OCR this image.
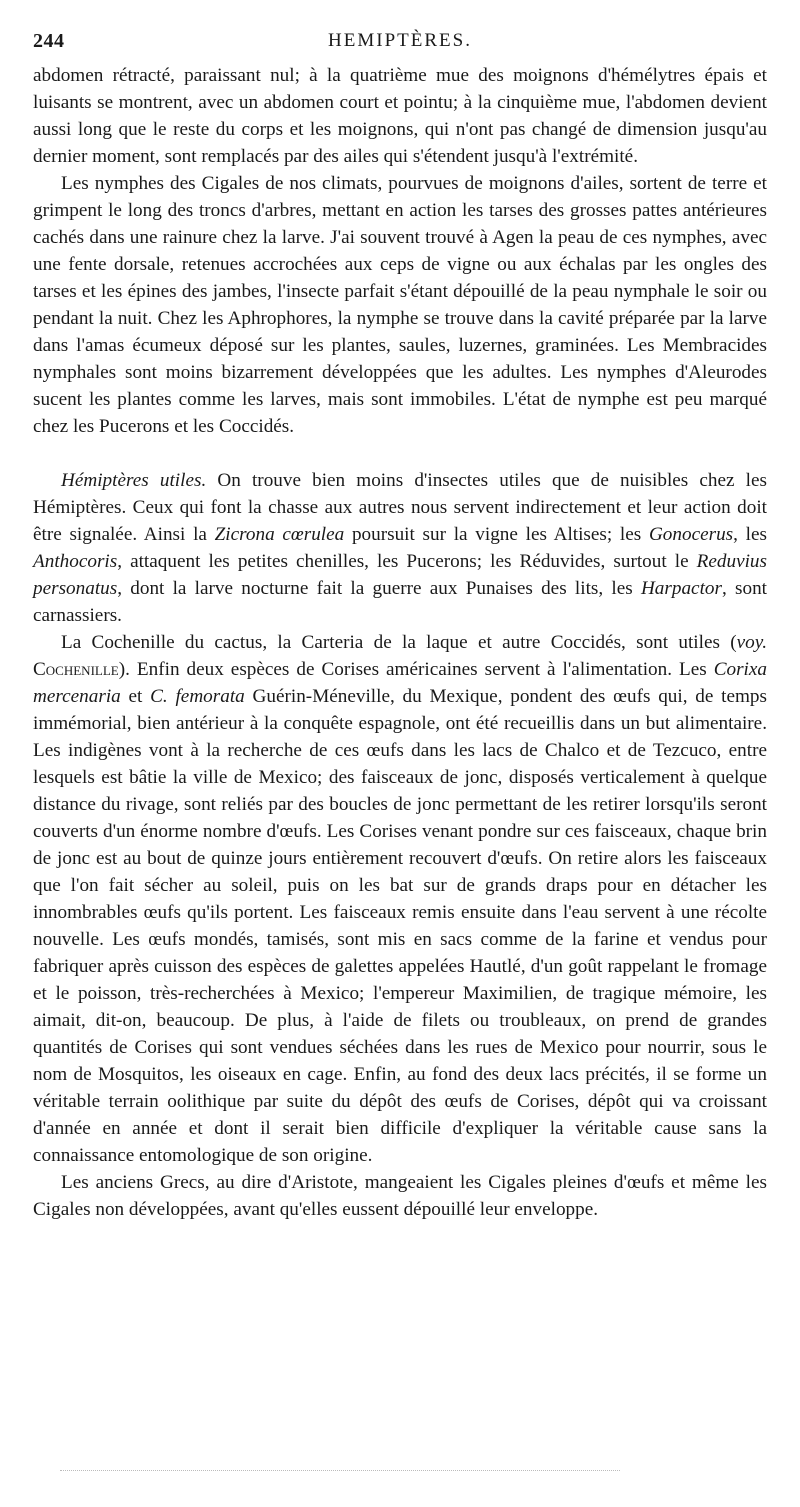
244	HEMIPTÈRES.

abdomen rétracté, paraissant nul; à la quatrième mue des moignons d'hémélytres épais et luisants se montrent, avec un abdomen court et pointu; à la cinquième mue, l'abdomen devient aussi long que le reste du corps et les moignons, qui n'ont pas changé de dimension jusqu'au dernier moment, sont remplacés par des ailes qui s'étendent jusqu'à l'extrémité.

Les nymphes des Cigales de nos climats, pourvues de moignons d'ailes, sortent de terre et grimpent le long des troncs d'arbres, mettant en action les tarses des grosses pattes antérieures cachés dans une rainure chez la larve. J'ai souvent trouvé à Agen la peau de ces nymphes, avec une fente dorsale, retenues accrochées aux ceps de vigne ou aux échalas par les ongles des tarses et les épines des jambes, l'insecte parfait s'étant dépouillé de la peau nymphale le soir ou pendant la nuit. Chez les Aphrophores, la nymphe se trouve dans la cavité préparée par la larve dans l'amas écumeux déposé sur les plantes, saules, luzernes, graminées. Les Membracides nymphales sont moins bizarrement développées que les adultes. Les nymphes d'Aleurodes sucent les plantes comme les larves, mais sont immobiles. L'état de nymphe est peu marqué chez les Pucerons et les Coccidés.

Hémiptères utiles. On trouve bien moins d'insectes utiles que de nuisibles chez les Hémiptères. Ceux qui font la chasse aux autres nous servent indirectement et leur action doit être signalée. Ainsi la Zicrona cœrulea poursuit sur la vigne les Altises; les Gonocerus, les Anthocoris, attaquent les petites chenilles, les Pucerons; les Réduvides, surtout le Reduvius personatus, dont la larve nocturne fait la guerre aux Punaises des lits, les Harpactor, sont carnassiers.

La Cochenille du cactus, la Carteria de la laque et autre Coccidés, sont utiles (voy. Cochenille). Enfin deux espèces de Corises américaines servent à l'alimentation. Les Corixa mercenaria et C. femorata Guérin-Méneville, du Mexique, pondent des œufs qui, de temps immémorial, bien antérieur à la conquête espagnole, ont été recueillis dans un but alimentaire. Les indigènes vont à la recherche de ces œufs dans les lacs de Chalco et de Tezcuco, entre lesquels est bâtie la ville de Mexico; des faisceaux de jonc, disposés verticalement à quelque distance du rivage, sont reliés par des boucles de jonc permettant de les retirer lorsqu'ils seront couverts d'un énorme nombre d'œufs. Les Corises venant pondre sur ces faisceaux, chaque brin de jonc est au bout de quinze jours entièrement recouvert d'œufs. On retire alors les faisceaux que l'on fait sécher au soleil, puis on les bat sur de grands draps pour en détacher les innombrables œufs qu'ils portent. Les faisceaux remis ensuite dans l'eau servent à une récolte nouvelle. Les œufs mondés, tamisés, sont mis en sacs comme de la farine et vendus pour fabriquer après cuisson des espèces de galettes appelées Hautlé, d'un goût rappelant le fromage et le poisson, très-recherchées à Mexico; l'empereur Maximilien, de tragique mémoire, les aimait, dit-on, beaucoup. De plus, à l'aide de filets ou troubleaux, on prend de grandes quantités de Corises qui sont vendues séchées dans les rues de Mexico pour nourrir, sous le nom de Mosquitos, les oiseaux en cage. Enfin, au fond des deux lacs précités, il se forme un véritable terrain oolithique par suite du dépôt des œufs de Corises, dépôt qui va croissant d'année en année et dont il serait bien difficile d'expliquer la véritable cause sans la connaissance entomologique de son origine.

Les anciens Grecs, au dire d'Aristote, mangeaient les Cigales pleines d'œufs et même les Cigales non développées, avant qu'elles eussent dépouillé leur enveloppe.
